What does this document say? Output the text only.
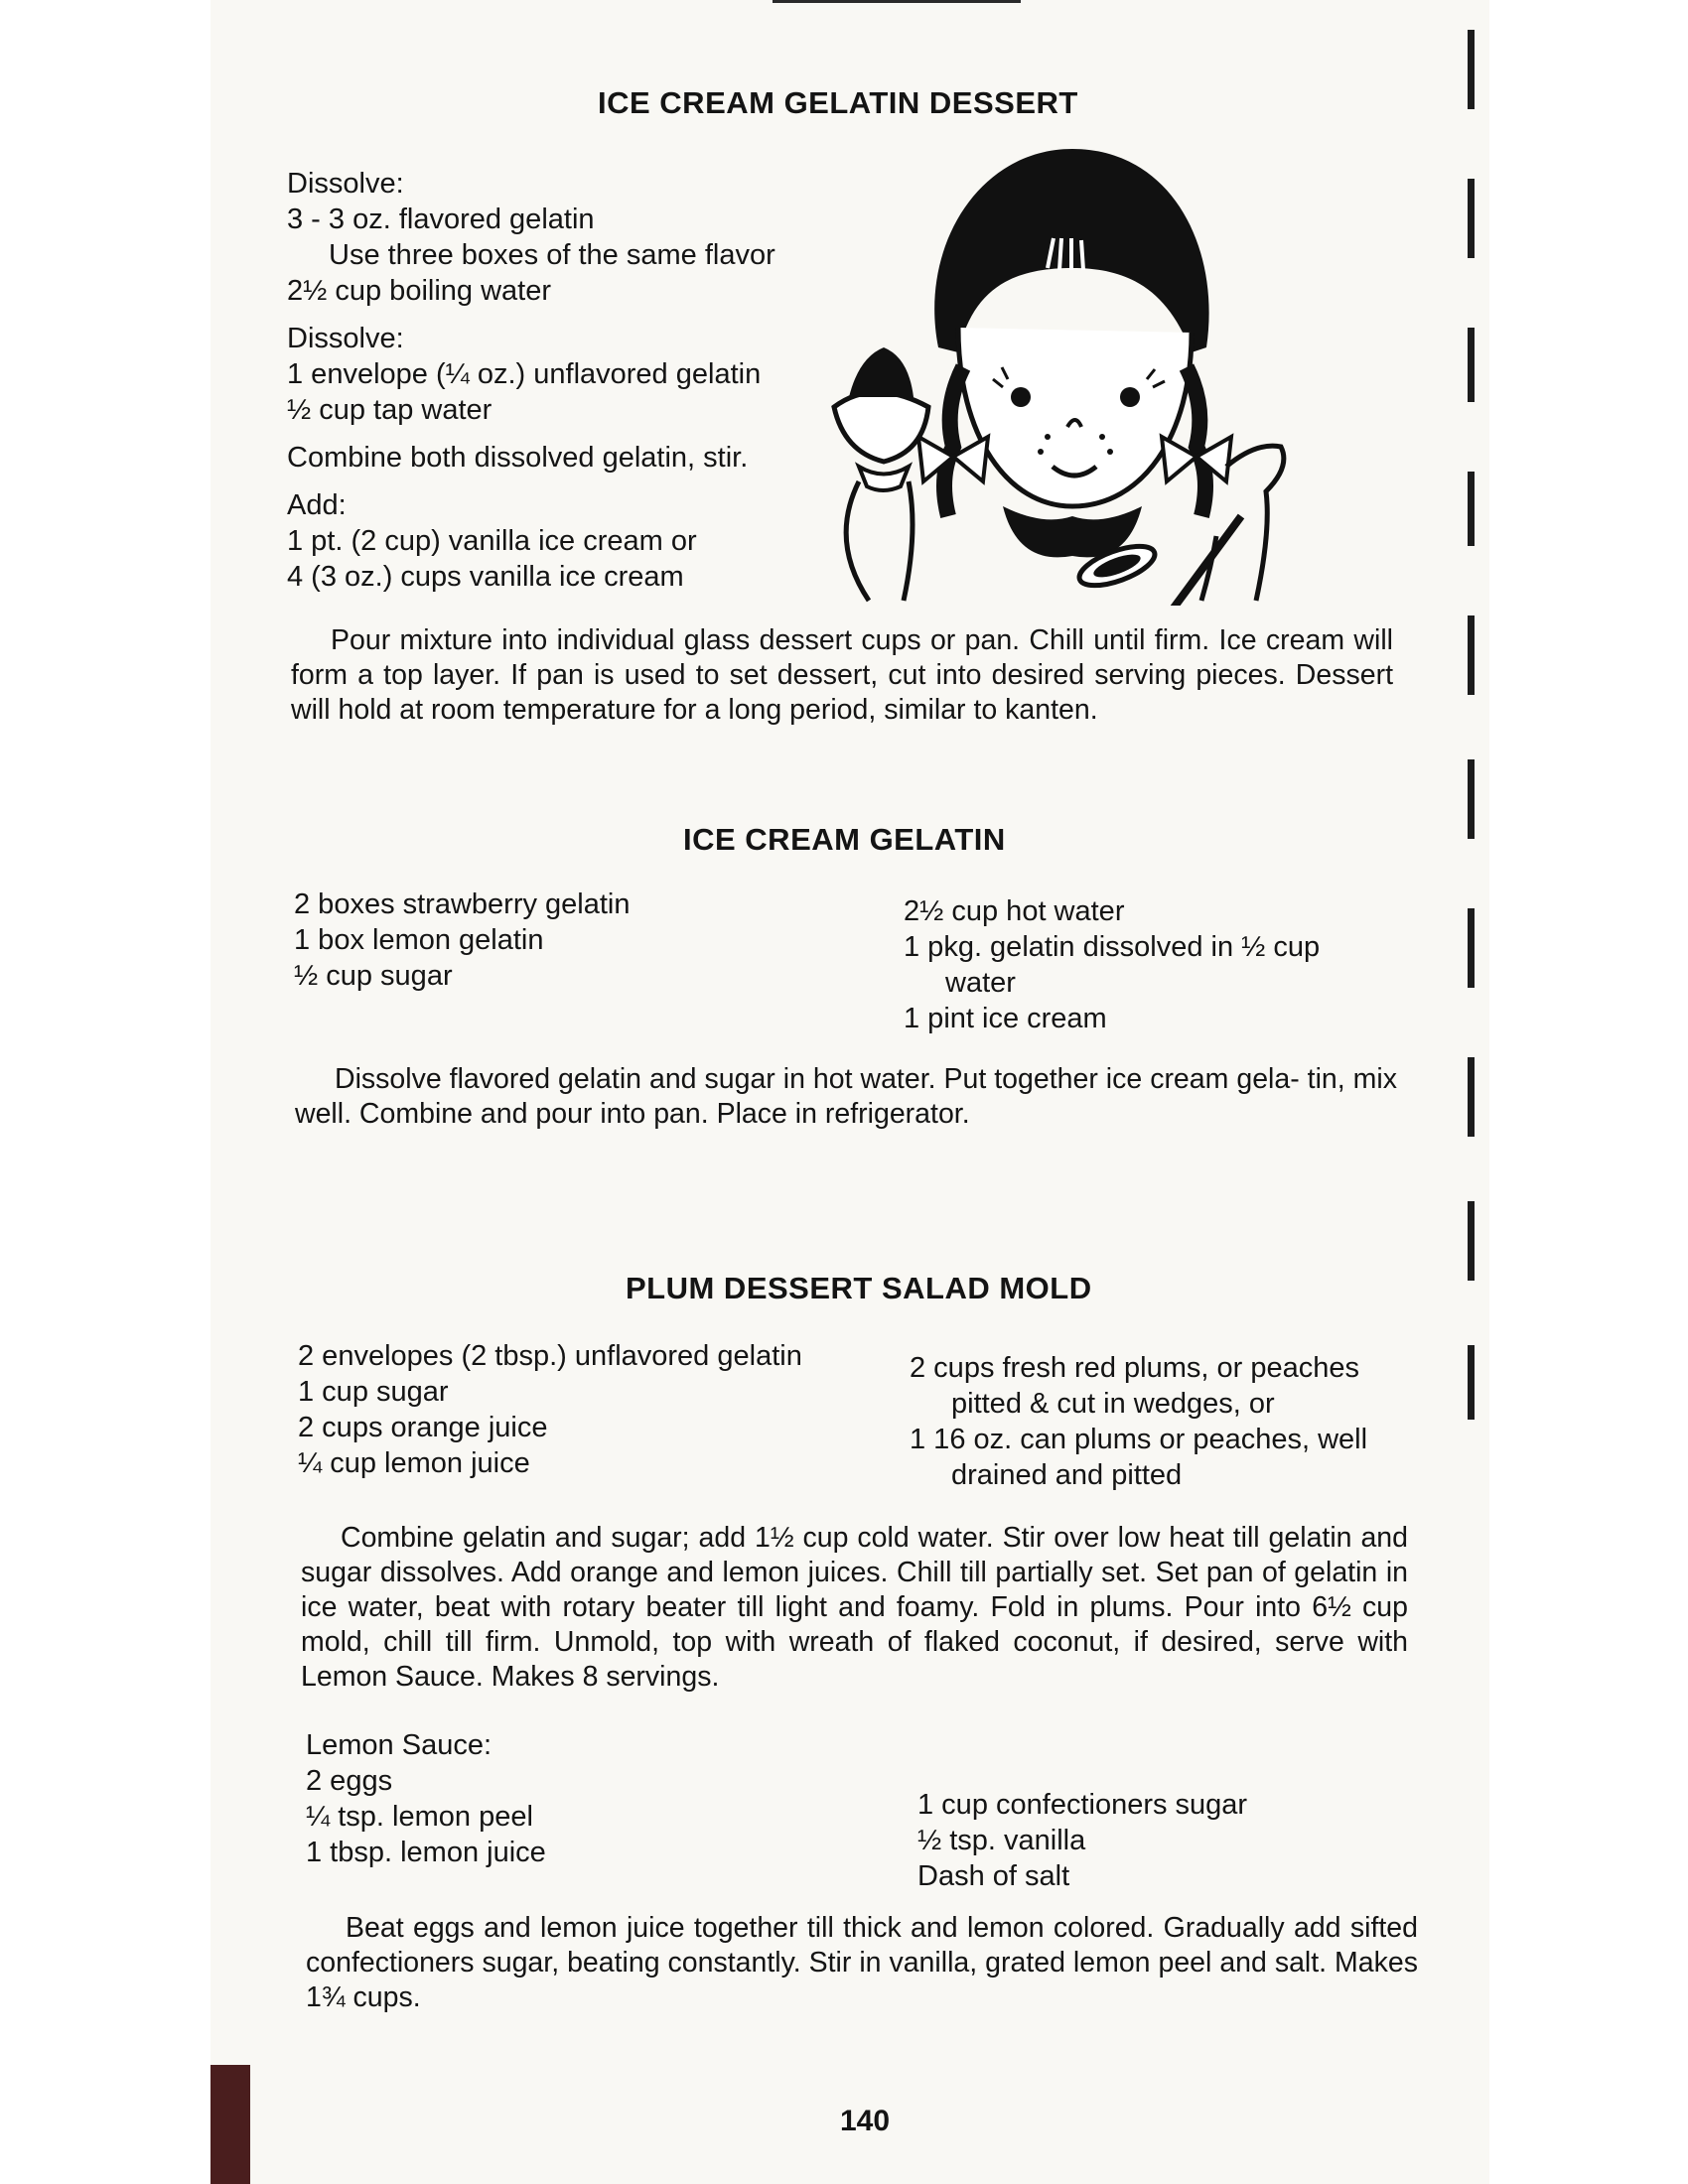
ICE CREAM GELATIN DESSERT
Dissolve:
3 - 3 oz. flavored gelatin
Use three boxes of the same flavor
2½ cup boiling water
Dissolve:
1 envelope (¼ oz.) unflavored gelatin
½ cup tap water
Combine both dissolved gelatin, stir.
Add:
1 pt. (2 cup) vanilla ice cream or
4 (3 oz.) cups vanilla ice cream

Pour mixture into individual glass dessert cups or pan. Chill until firm. Ice cream will form a top layer. If pan is used to set dessert, cut into desired serving pieces. Dessert will hold at room temperature for a long period, similar to kanten.

ICE CREAM GELATIN
2 boxes strawberry gelatin
1 box lemon gelatin
½ cup sugar
2½ cup hot water
1 pkg. gelatin dissolved in ½ cup
water
1 pint ice cream

Dissolve flavored gelatin and sugar in hot water. Put together ice cream gela- tin, mix well. Combine and pour into pan. Place in refrigerator.

PLUM DESSERT SALAD MOLD
2 envelopes (2 tbsp.) unflavored gelatin
1 cup sugar
2 cups orange juice
¼ cup lemon juice
2 cups fresh red plums, or peaches
pitted & cut in wedges, or
1 16 oz. can plums or peaches, well
drained and pitted

Combine gelatin and sugar; add 1½ cup cold water. Stir over low heat till gelatin and sugar dissolves. Add orange and lemon juices. Chill till partially set. Set pan of gelatin in ice water, beat with rotary beater till light and foamy. Fold in plums. Pour into 6½ cup mold, chill till firm. Unmold, top with wreath of flaked coconut, if desired, serve with Lemon Sauce. Makes 8 servings.

Lemon Sauce:
2 eggs
¼ tsp. lemon peel
1 tbsp. lemon juice
1 cup confectioners sugar
½ tsp. vanilla
Dash of salt

Beat eggs and lemon juice together till thick and lemon colored. Gradually add sifted confectioners sugar, beating constantly. Stir in vanilla, grated lemon peel and salt. Makes 1¾ cups.

140
